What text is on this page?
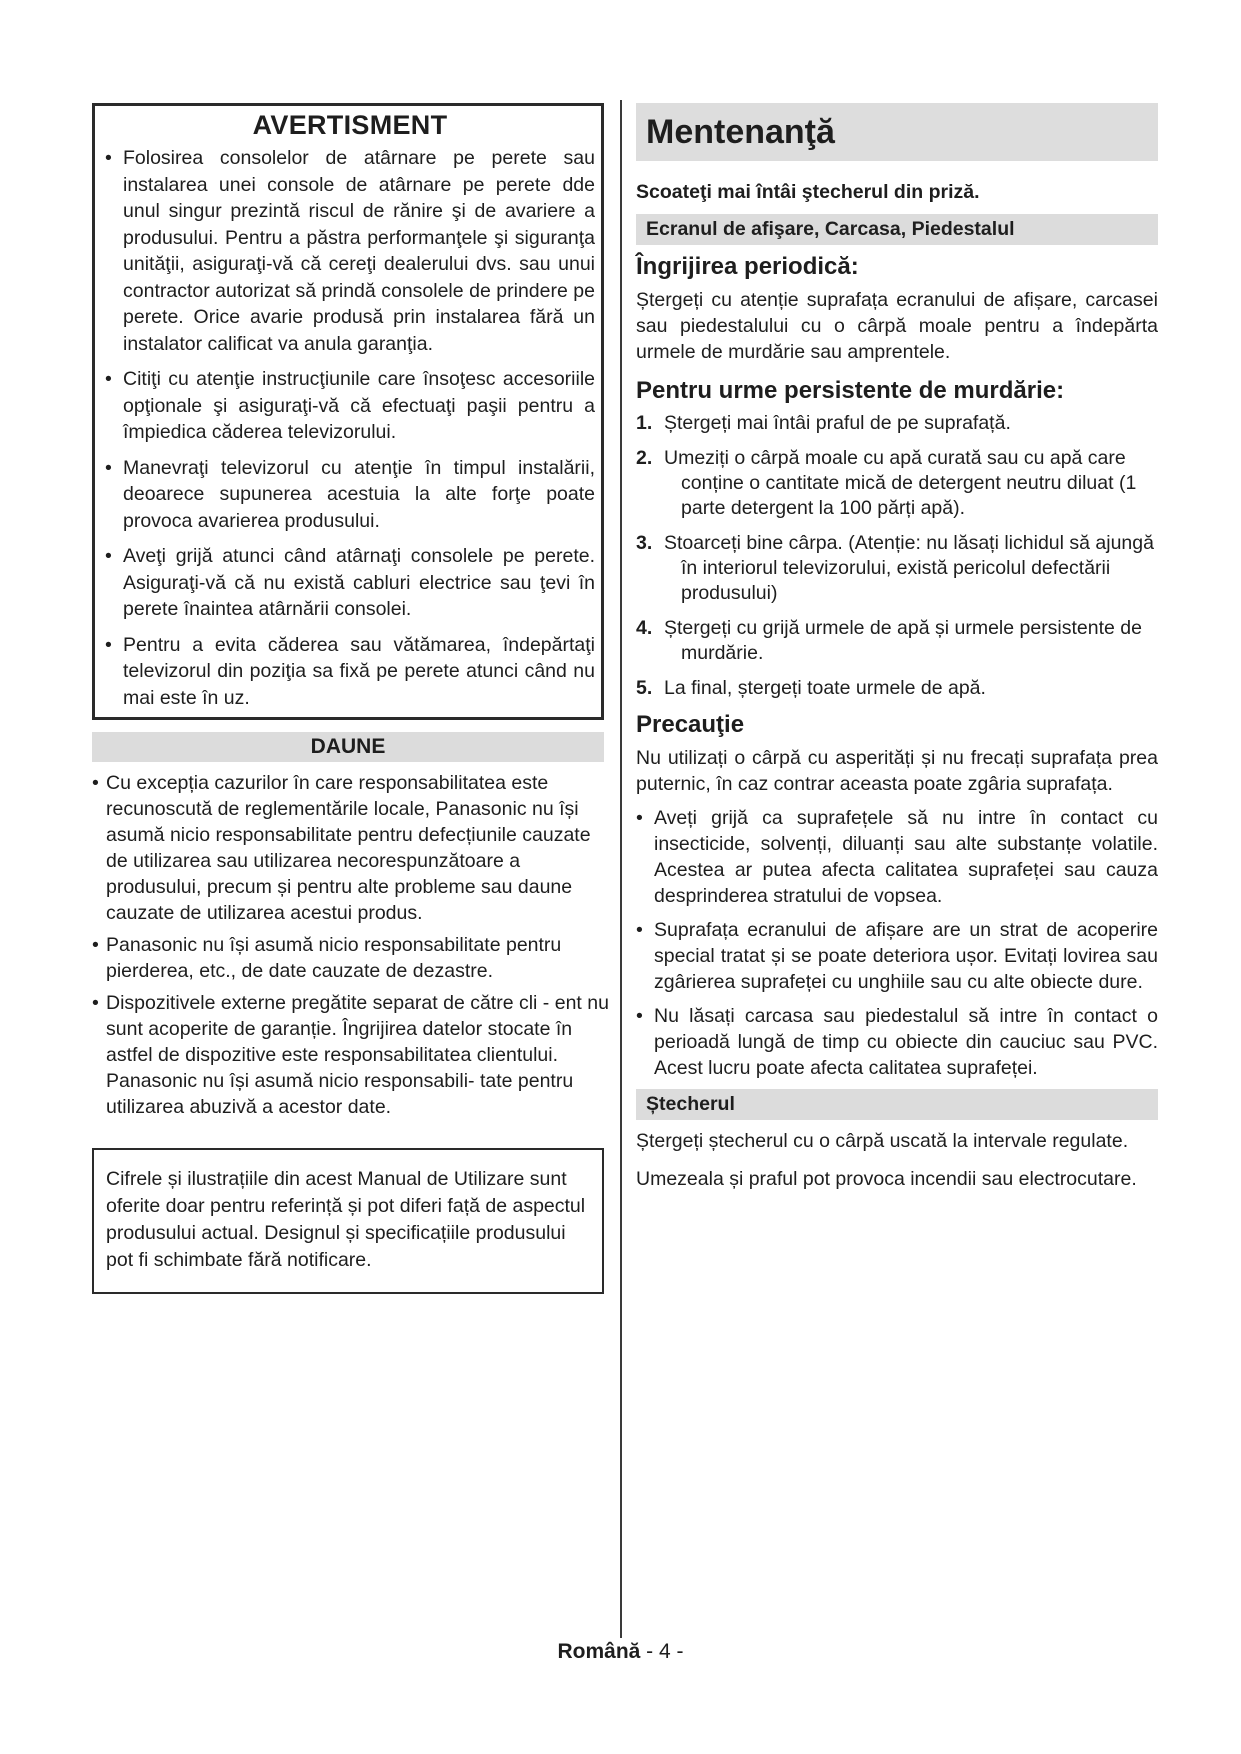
AVERTISMENT
• Folosirea consolelor de atârnare pe perete sau instalarea unei console de atârnare pe perete dde unul singur prezintă riscul de rănire şi de avariere a produsului. Pentru a păstra performanţele şi siguranţa unităţii, asiguraţi-vă că cereţi dealerului dvs. sau unui contractor autorizat să prindă consolele de prindere pe perete. Orice avarie produsă prin instalarea fără un instalator calificat va anula garanţia.
• Citiţi cu atenţie instrucţiunile care însoţesc accesoriile opţionale şi asiguraţi-vă că efectuaţi paşii pentru a împiedica căderea televizorului.
• Manevraţi televizorul cu atenţie în timpul instalării, deoarece supunerea acestuia la alte forţe poate provoca avarierea produsului.
• Aveţi grijă atunci când atârnaţi consolele pe perete. Asiguraţi-vă că nu există cabluri electrice sau ţevi în perete înaintea atârnării consolei.
• Pentru a evita căderea sau vătămarea, îndepărtaţi televizorul din poziţia sa fixă pe perete atunci când nu mai este în uz.
DAUNE
• Cu excepția cazurilor în care responsabilitatea este recunoscută de reglementările locale, Panasonic nu își asumă nicio responsabilitate pentru defecțiunile cauzate de utilizarea sau utilizarea necorespunzătoare a produsului, precum și pentru alte probleme sau daune cauzate de utilizarea acestui produs.
• Panasonic nu își asumă nicio responsabilitate pentru pierderea, etc., de date cauzate de dezastre.
• Dispozitivele externe pregătite separat de către cli - ent nu sunt acoperite de garanție. Îngrijirea datelor stocate în astfel de dispozitive este responsabilitatea clientului. Panasonic nu își asumă nicio responsabili- tate pentru utilizarea abuzivă a acestor date.
Cifrele și ilustrațiile din acest Manual de Utilizare sunt oferite doar pentru referință și pot diferi față de aspectul produsului actual. Designul și specificațiile produsului pot fi schimbate fără notificare.
Mentenanţă

Scoateţi mai întâi ştecherul din priză.

Ecranul de afişare, Carcasa, Piedestalul
Îngrijirea periodică:

Ștergeți cu atenție suprafața ecranului de afișare, carcasei sau piedestalului cu o cârpă moale pentru a îndepărta urmele de murdărie sau amprentele.

Pentru urme persistente de murdărie:
1. Ștergeți mai întâi praful de pe suprafață.
2. Umeziți o cârpă moale cu apă curată sau cu apă care conține o cantitate mică de detergent neutru diluat (1 parte detergent la 100 părți apă).
3. Stoarceți bine cârpa. (Atenție: nu lăsați lichidul să ajungă în interiorul televizorului, există pericolul defectării produsului)
4. Ștergeți cu grijă urmele de apă și urmele persistente de murdărie.
5. La final, ștergeți toate urmele de apă.
Precauţie

Nu utilizați o cârpă cu asperități și nu frecați suprafața prea puternic, în caz contrar aceasta poate zgâria suprafața.

• Aveți grijă ca suprafețele să nu intre în contact cu insecticide, solvenți, diluanți sau alte substanțe volatile. Acestea ar putea afecta calitatea suprafeței sau cauza desprinderea stratului de vopsea.
• Suprafața ecranului de afișare are un strat de acoperire special tratat și se poate deteriora ușor. Evitați lovirea sau zgârierea suprafeței cu unghiile sau cu alte obiecte dure.
• Nu lăsați carcasa sau piedestalul să intre în contact o perioadă lungă de timp cu obiecte din cauciuc sau PVC. Acest lucru poate afecta calitatea suprafeței.
Ștecherul

Ștergeți ștecherul cu o cârpă uscată la intervale regulate.

Umezeala și praful pot provoca incendii sau electrocutare.

Română - 4 -
